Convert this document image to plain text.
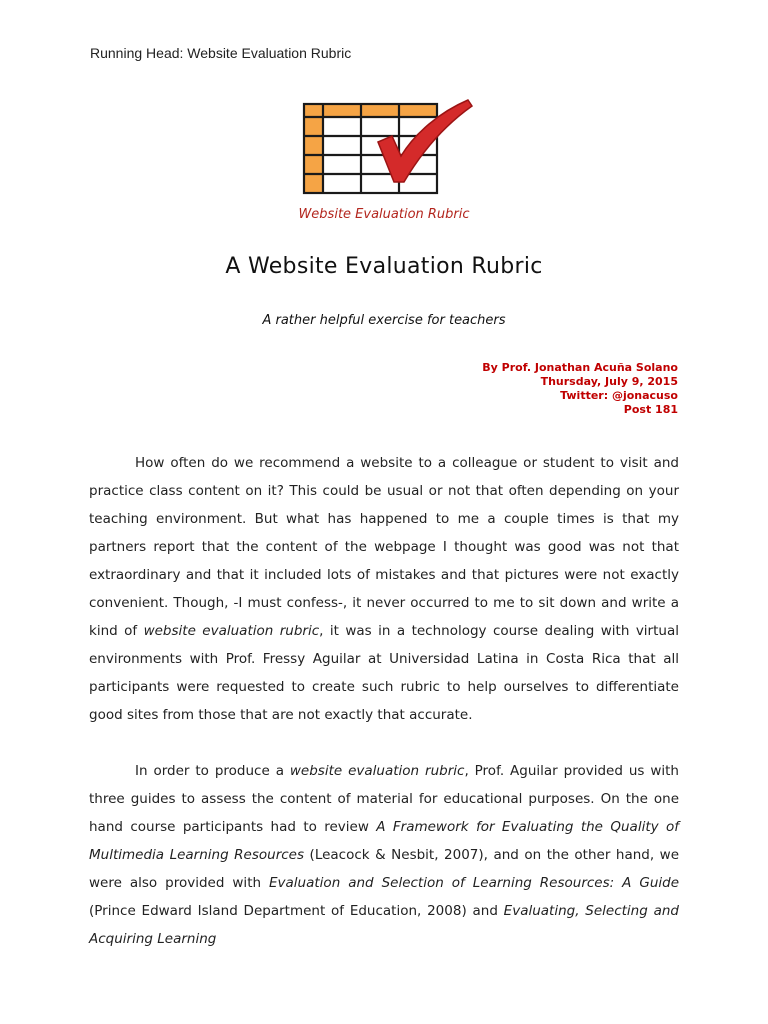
Running Head: Website Evaluation Rubric
Website Evaluation Rubric
A Website Evaluation Rubric
A rather helpful exercise for teachers
By Prof. Jonathan Acuña Solano
Thursday, July 9, 2015
Twitter: @jonacuso
Post 181

How often do we recommend a website to a colleague or student to visit and practice class content on it? This could be usual or not that often depending on your teaching environment. But what has happened to me a couple times is that my partners report that the content of the webpage I thought was good was not that extraordinary and that it included lots of mistakes and that pictures were not exactly convenient. Though, -I must confess-, it never occurred to me to sit down and write a kind of website evaluation rubric, it was in a technology course dealing with virtual environments with Prof. Fressy Aguilar at Universidad Latina in Costa Rica that all participants were requested to create such rubric to help ourselves to differentiate good sites from those that are not exactly that accurate.

In order to produce a website evaluation rubric, Prof. Aguilar provided us with three guides to assess the content of material for educational purposes. On the one hand course participants had to review A Framework for Evaluating the Quality of Multimedia Learning Resources (Leacock & Nesbit, 2007), and on the other hand, we were also provided with Evaluation and Selection of Learning Resources: A Guide (Prince Edward Island Department of Education, 2008) and Evaluating, Selecting and Acquiring Learning
